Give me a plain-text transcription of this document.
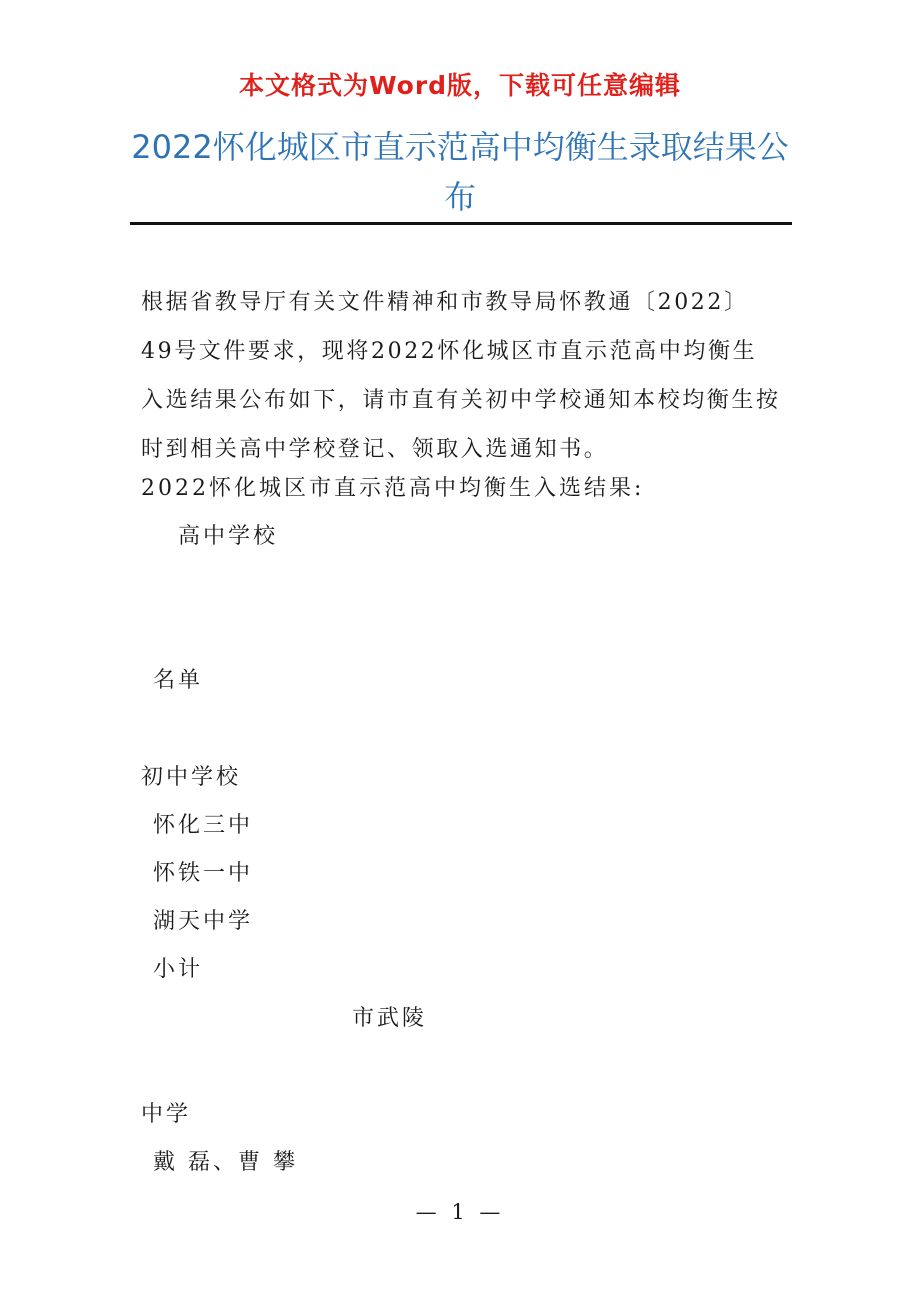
本文格式为Word版，下载可任意编辑
2022怀化城区市直示范高中均衡生录取结果公布

根据省教导厅有关文件精神和市教导局怀教通〔2022〕49号文件要求，现将2022怀化城区市直示范高中均衡生入选结果公布如下，请市直有关初中学校通知本校均衡生按时到相关高中学校登记、领取入选通知书。

2022怀化城区市直示范高中均衡生入选结果:

高中学校

名单

初中学校

怀化三中

怀铁一中

湖天中学

小计

市武陵

中学

戴 磊、曹 攀

— 1 —
